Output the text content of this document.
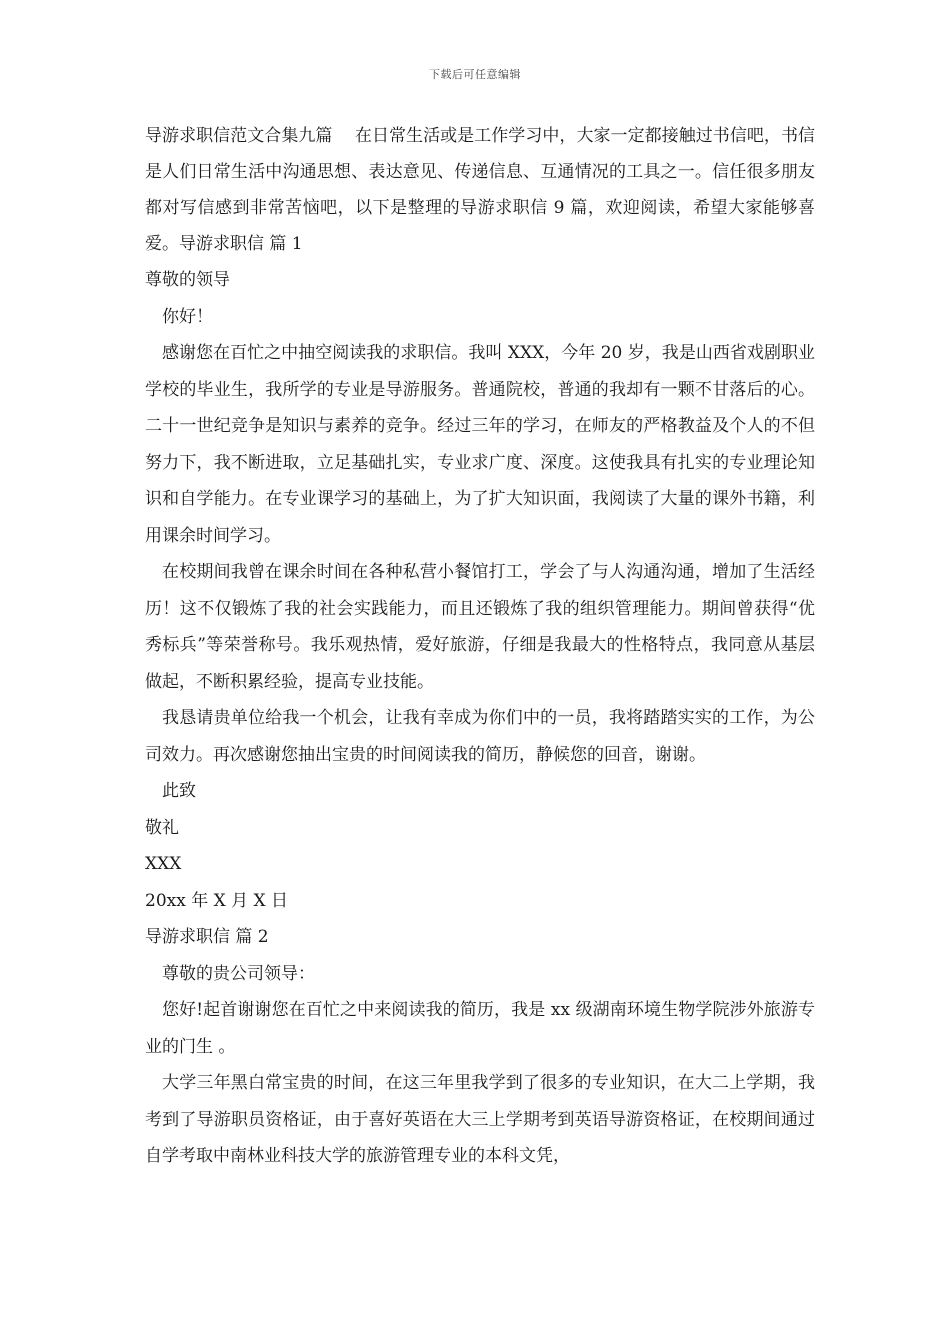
下载后可任意编辑

导游求职信范文合集九篇　 在日常生活或是工作学习中，大家一定都接触过书信吧，书信是人们日常生活中沟通思想、表达意见、传递信息、互通情况的工具之一。信任很多朋友都对写信感到非常苦恼吧，以下是整理的导游求职信 9 篇，欢迎阅读，希望大家能够喜爱。导游求职信 篇 1

尊敬的领导

你好！

感谢您在百忙之中抽空阅读我的求职信。我叫 XXX，今年 20 岁，我是山西省戏剧职业学校的毕业生，我所学的专业是导游服务。普通院校，普通的我却有一颗不甘落后的心。二十一世纪竞争是知识与素养的竞争。经过三年的学习，在师友的严格教益及个人的不但努力下，我不断进取，立足基础扎实，专业求广度、深度。这使我具有扎实的专业理论知识和自学能力。在专业课学习的基础上，为了扩大知识面，我阅读了大量的课外书籍，利用课余时间学习。

在校期间我曾在课余时间在各种私营小餐馆打工，学会了与人沟通沟通，增加了生活经历！这不仅锻炼了我的社会实践能力，而且还锻炼了我的组织管理能力。期间曾获得“优秀标兵”等荣誉称号。我乐观热情，爱好旅游，仔细是我最大的性格特点，我同意从基层做起，不断积累经验，提高专业技能。

我恳请贵单位给我一个机会，让我有幸成为你们中的一员，我将踏踏实实的工作，为公司效力。再次感谢您抽出宝贵的时间阅读我的简历，静候您的回音，谢谢。

此致

敬礼

XXX

20xx 年 X 月 X 日

导游求职信 篇 2

尊敬的贵公司领导：

您好!起首谢谢您在百忙之中来阅读我的简历，我是 xx 级湖南环境生物学院涉外旅游专业的门生 。

大学三年黑白常宝贵的时间，在这三年里我学到了很多的专业知识，在大二上学期，我考到了导游职员资格证，由于喜好英语在大三上学期考到英语导游资格证，在校期间通过自学考取中南林业科技大学的旅游管理专业的本科文凭，
